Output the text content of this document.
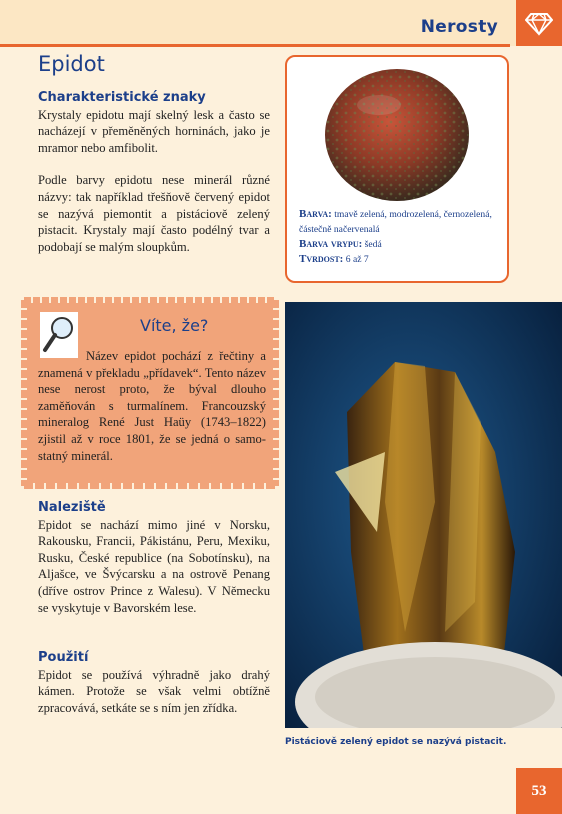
Nerosty
Epidot
Charakteristické znaky

Krystaly epidotu mají skelný lesk a často se nacházejí v přeměněných horninách, jako je mramor nebo amfibolit.

Podle barvy epidotu nese minerál různé názvy: tak například třešňově červený epidot se nazývá piemontit a pistáciově zelený pistacit. Krystaly mají často podélný tvar a podobají se malým sloupkům.

Barva: tmavě zelená, modrozelená, černozelená, částečně načervenalá
Barva vrypu: šedá
Tvrdost: 6 až 7
Víte, že?
Název epidot pochází z řečtiny a znamená v překladu „přídavek“. Tento název nese nerost proto, že býval dlouho zaměňován s turmalínem. Francouzský mineralog René Just Haüy (1743–1822) zjistil až v roce 1801, že se jedná o samostatný minerál.
Naleziště

Epidot se nachází mimo jiné v Norsku, Rakousku, Francii, Pákistánu, Peru, Mexiku, Rusku, České republice (na Sobotínsku), na Aljašce, ve Švýcarsku a na ostrově Penang (dříve ostrov Prince z Walesu). V Německu se vyskytuje v Bavorském lese.

Použití

Epidot se používá výhradně jako drahý kámen. Protože se však velmi obtížně zpracovává, setkáte se s ním jen zřídka.

Pistáciově zelený epidot se nazývá pistacit.
53
